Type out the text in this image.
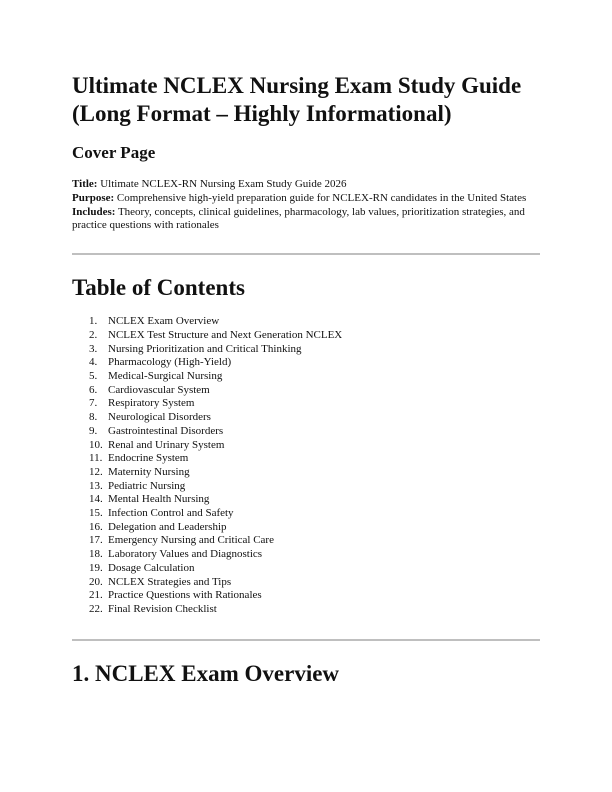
Ultimate NCLEX Nursing Exam Study Guide (Long Format – Highly Informational)
Cover Page
Title: Ultimate NCLEX-RN Nursing Exam Study Guide 2026
Purpose: Comprehensive high-yield preparation guide for NCLEX-RN candidates in the United States
Includes: Theory, concepts, clinical guidelines, pharmacology, lab values, prioritization strategies, and practice questions with rationales
Table of Contents
1. NCLEX Exam Overview
2. NCLEX Test Structure and Next Generation NCLEX
3. Nursing Prioritization and Critical Thinking
4. Pharmacology (High-Yield)
5. Medical-Surgical Nursing
6. Cardiovascular System
7. Respiratory System
8. Neurological Disorders
9. Gastrointestinal Disorders
10. Renal and Urinary System
11. Endocrine System
12. Maternity Nursing
13. Pediatric Nursing
14. Mental Health Nursing
15. Infection Control and Safety
16. Delegation and Leadership
17. Emergency Nursing and Critical Care
18. Laboratory Values and Diagnostics
19. Dosage Calculation
20. NCLEX Strategies and Tips
21. Practice Questions with Rationales
22. Final Revision Checklist
1. NCLEX Exam Overview
